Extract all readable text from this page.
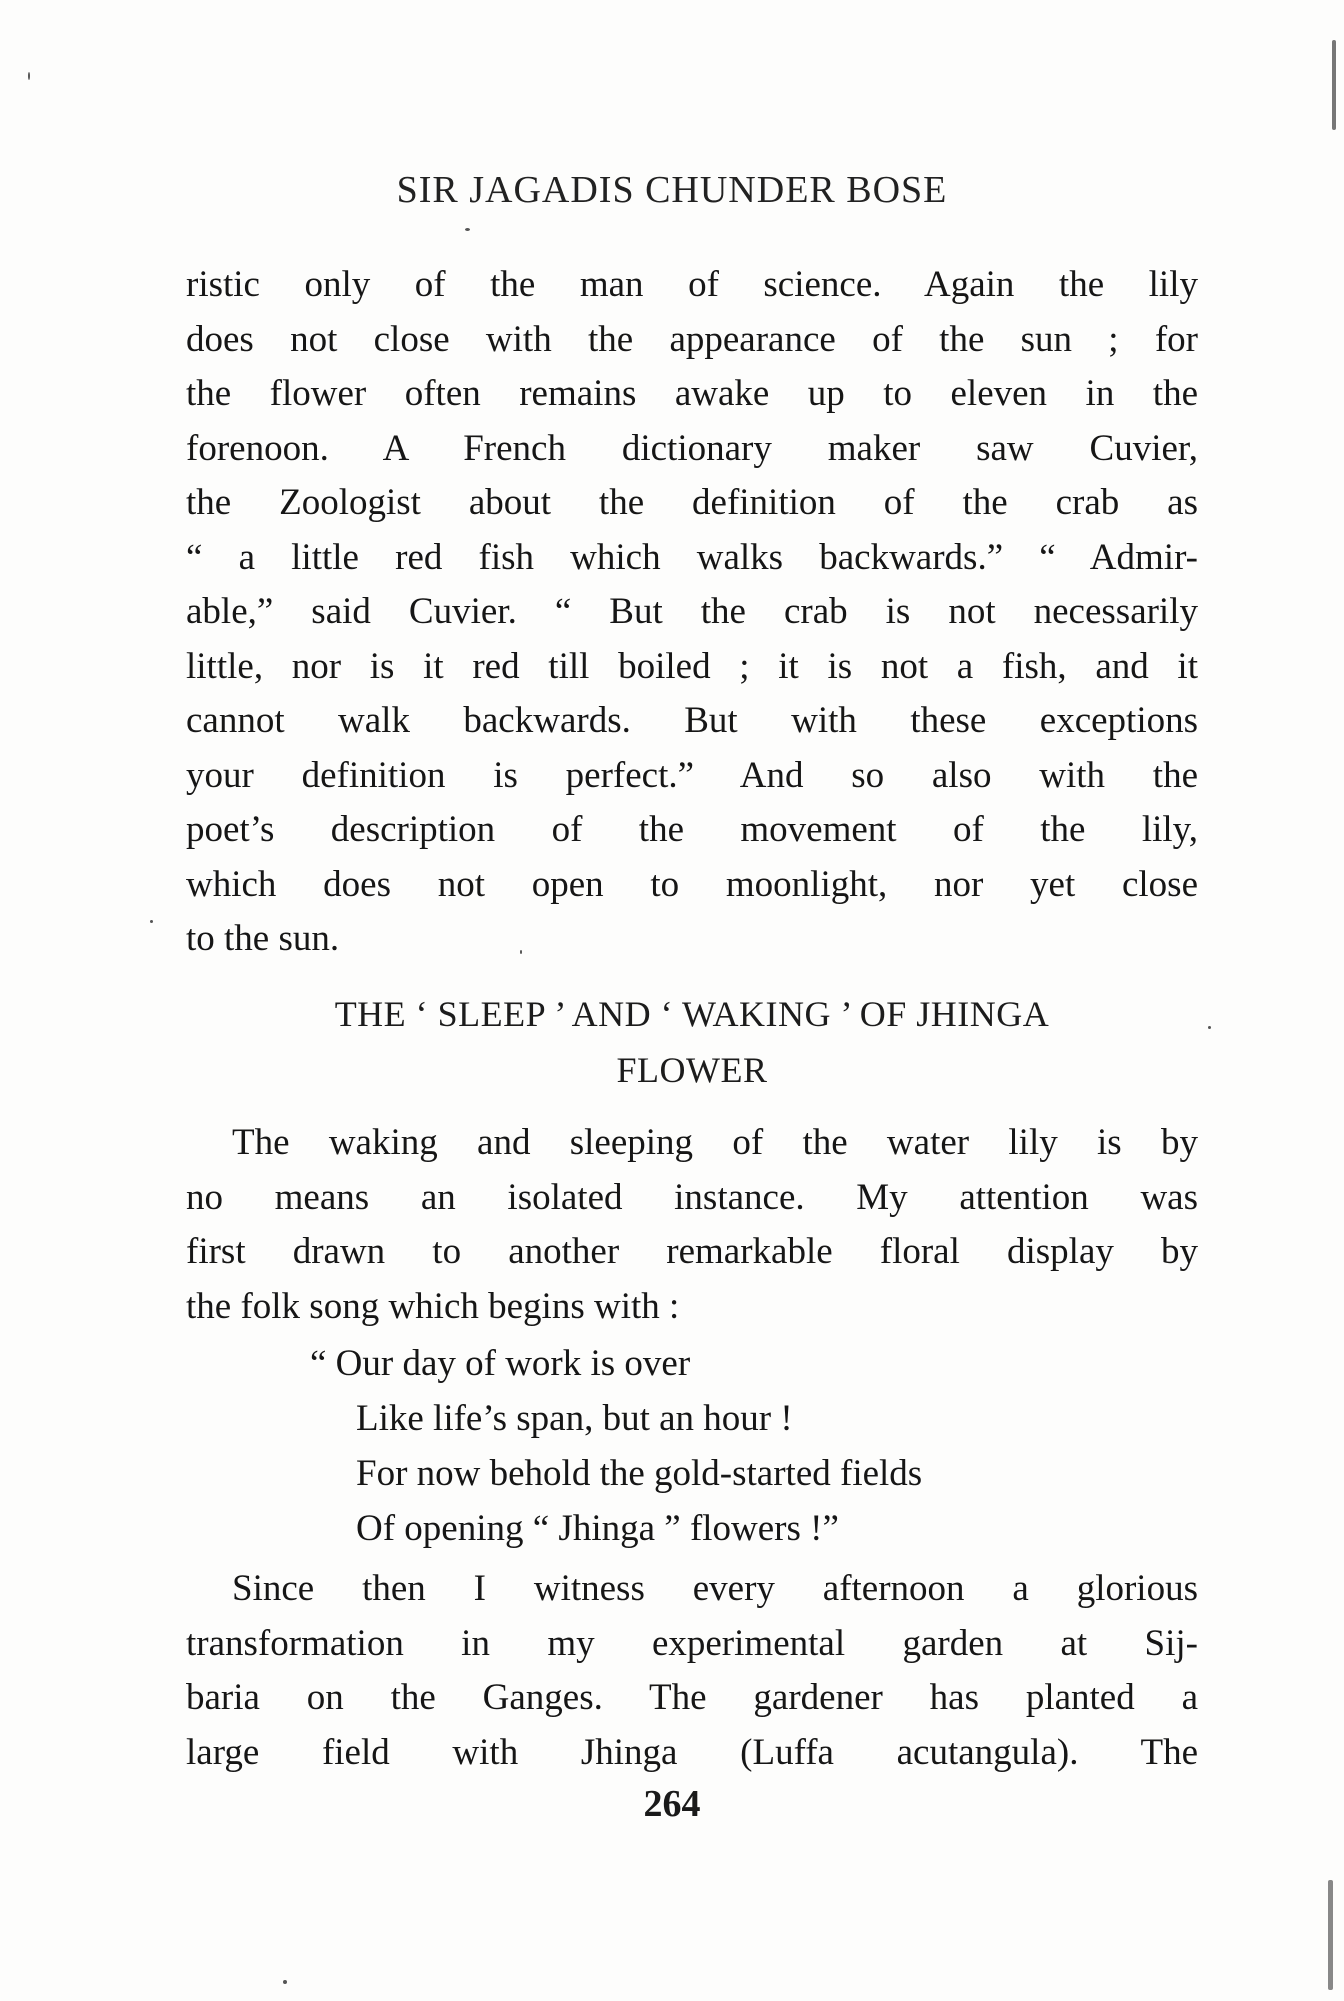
SIR JAGADIS CHUNDER BOSE
ristic only of the man of science. Again the lily
does not close with the appearance of the sun ; for
the flower often remains awake up to eleven in the
forenoon. A French dictionary maker saw Cuvier,
the Zoologist about the definition of the crab as
“ a little red fish which walks backwards.” “ Admir-
able,” said Cuvier. “ But the crab is not necessarily
little, nor is it red till boiled ; it is not a fish, and it
cannot walk backwards. But with these exceptions
your definition is perfect.” And so also with the
poet’s description of the movement of the lily,
which does not open to moonlight, nor yet close
to the sun.
THE ‘ SLEEP ’ AND ‘ WAKING ’ OF JHINGA
FLOWER
The waking and sleeping of the water lily is by
no means an isolated instance. My attention was
first drawn to another remarkable floral display by
the folk song which begins with :
“ Our day of work is over
Like life’s span, but an hour !
For now behold the gold-started fields
Of opening “ Jhinga ” flowers !”
Since then I witness every afternoon a glorious
transformation in my experimental garden at Sij-
baria on the Ganges. The gardener has planted a
large field with Jhinga (Luffa acutangula). The
264
